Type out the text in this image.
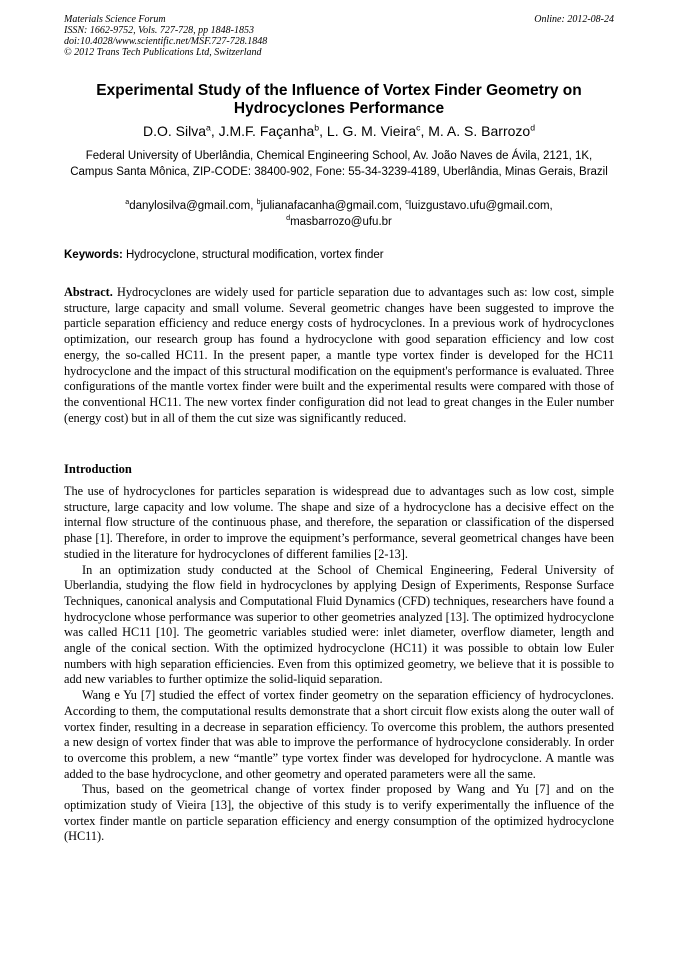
Materials Science Forum
ISSN: 1662-9752, Vols. 727-728, pp 1848-1853
doi:10.4028/www.scientific.net/MSF.727-728.1848
© 2012 Trans Tech Publications Ltd, Switzerland
Online: 2012-08-24
Experimental Study of the Influence of Vortex Finder Geometry on Hydrocyclones Performance
D.O. Silva$^a$, J.M.F. Façanha$^b$, L. G. M. Vieira$^c$, M. A. S. Barrozo$^d$
Federal University of Uberlândia, Chemical Engineering School, Av. João Naves de Ávila, 2121, 1K, Campus Santa Mônica, ZIP-CODE: 38400-902, Fone: 55-34-3239-4189, Uberlândia, Minas Gerais, Brazil
$^a$danylosilva@gmail.com, $^b$julianafacanha@gmail.com, $^c$luizgustavo.ufu@gmail.com,
$^d$masbarrozo@ufu.br
Keywords: Hydrocyclone, structural modification, vortex finder
Abstract. Hydrocyclones are widely used for particle separation due to advantages such as: low cost, simple structure, large capacity and small volume. Several geometric changes have been suggested to improve the particle separation efficiency and reduce energy costs of hydrocyclones. In a previous work of hydrocyclones optimization, our research group has found a hydrocyclone with good separation efficiency and low cost energy, the so-called HC11. In the present paper, a mantle type vortex finder is developed for the HC11 hydrocyclone and the impact of this structural modification on the equipment's performance is evaluated. Three configurations of the mantle vortex finder were built and the experimental results were compared with those of the conventional HC11. The new vortex finder configuration did not lead to great changes in the Euler number (energy cost) but in all of them the cut size was significantly reduced.
Introduction

The use of hydrocyclones for particles separation is widespread due to advantages such as low cost, simple structure, large capacity and low volume. The shape and size of a hydrocyclone has a decisive effect on the internal flow structure of the continuous phase, and therefore, the separation or classification of the dispersed phase [1]. Therefore, in order to improve the equipment’s performance, several geometrical changes have been studied in the literature for hydrocyclones of different families [2-13].

In an optimization study conducted at the School of Chemical Engineering, Federal University of Uberlandia, studying the flow field in hydrocyclones by applying Design of Experiments, Response Surface Techniques, canonical analysis and Computational Fluid Dynamics (CFD) techniques, researchers have found a hydrocyclone whose performance was superior to other geometries analyzed [13]. The optimized hydrocyclone was called HC11 [10]. The geometric variables studied were: inlet diameter, overflow diameter, length and angle of the conical section. With the optimized hydrocyclone (HC11) it was possible to obtain low Euler numbers with high separation efficiencies. Even from this optimized geometry, we believe that it is possible to add new variables to further optimize the solid-liquid separation.

Wang e Yu [7] studied the effect of vortex finder geometry on the separation efficiency of hydrocyclones. According to them, the computational results demonstrate that a short circuit flow exists along the outer wall of vortex finder, resulting in a decrease in separation efficiency. To overcome this problem, the authors presented a new design of vortex finder that was able to improve the performance of hydrocyclone considerably. In order to overcome this problem, a new “mantle” type vortex finder was developed for hydrocyclone. A mantle was added to the base hydrocyclone, and other geometry and operated parameters were all the same.

Thus, based on the geometrical change of vortex finder proposed by Wang and Yu [7] and on the optimization study of Vieira [13], the objective of this study is to verify experimentally the influence of the vortex finder mantle on particle separation efficiency and energy consumption of the optimized hydrocyclone (HC11).
